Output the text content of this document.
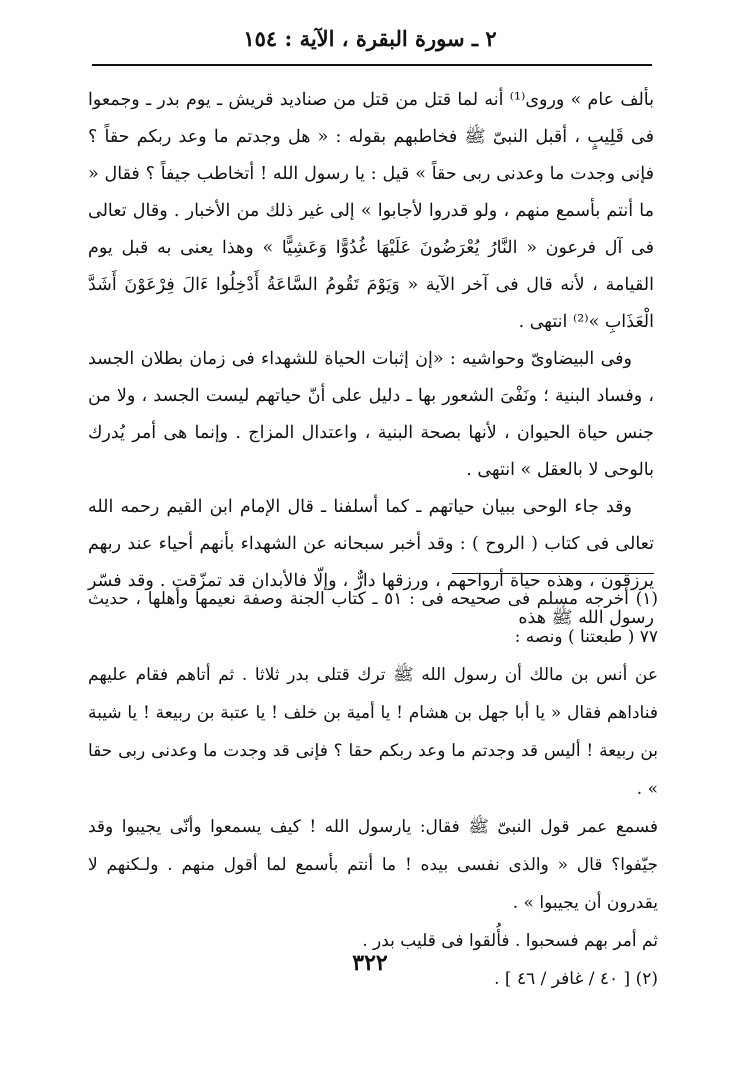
٢ ـ سورة البقرة ، الآية : ١٥٤

بألف عام » وروى⁽¹⁾ أنه لما قتل من قتل من صناديد قريش ـ يوم بدر ـ وجمعوا فى قَلِيبٍ ، أقبل النبىّ ﷺ فخاطبهم بقوله : « هل وجدتم ما وعد ربكم حقاً ؟ فإنى وجدت ما وعدنى ربى حقاً » قيل : يا رسول الله ! أتخاطب جيفاً ؟ فقال « ما أنتم بأسمع منهم ، ولو قدروا لأجابوا » إلى غير ذلك من الأخبار . وقال تعالى فى آل فرعون « النَّارُ يُعْرَضُونَ عَلَيْهَا غُدُوًّا وَعَشِيًّا » وهذا يعنى به قبل يوم القيامة ، لأنه قال فى آخر الآية « وَيَوْمَ تَقُومُ السَّاعَةُ أَدْخِلُوا ءَالَ فِرْعَوْنَ أَشَدَّ الْعَذَابِ »⁽²⁾ انتهى .

وفى البيضاوىّ وحواشيه : «إن إثبات الحياة للشهداء فى زمان بطلان الجسد ، وفساد البنية ؛ ونَفْىَ الشعور بها ـ دليل على أنّ حياتهم ليست الجسد ، ولا من جنس حياة الحيوان ، لأنها بصحة البنية ، واعتدال المزاج . وإنما هى أمر يُدرك بالوحى لا بالعقل » انتهى .

وقد جاء الوحى ببيان حياتهم ـ كما أسلفنا ـ قال الإمام ابن القيم رحمه الله تعالى فى كتاب ( الروح ) : وقد أخبر سبحانه عن الشهداء بأنهم أحياء عند ربهم يرزقون ، وهذه حياة أرواحهم ، ورزقها دارٌّ ، وإلّا فالأبدان قد تمزّقت . وقد فسّر رسول الله ﷺ هذه

(١) أخرجه مسلم فى صحيحه فى : ٥١ ـ كتاب الجنة وصفة نعيمها وأهلها ، حديث ٧٧ ( طبعتنا ) ونصه :

عن أنس بن مالك أن رسول الله ﷺ ترك قتلى بدر ثلاثا . ثم أتاهم فقام عليهم فناداهم فقال « يا أبا جهل بن هشام ! يا أمية بن خلف ! يا عتبة بن ربيعة ! يا شيبة بن ربيعة ! أليس قد وجدتم ما وعد ربكم حقا ؟ فإنى قد وجدت ما وعدنى ربى حقا » .

فسمع عمر قول النبىّ ﷺ فقال: يارسول الله ! كيف يسمعوا وأنّى يجيبوا وقد جيّفوا؟ قال « والذى نفسى بيده ! ما أنتم بأسمع لما أقول منهم . ولـكنهم لا يقدرون أن يجيبوا » .

ثم أمر بهم فسحبوا . فأُلقوا فى قليب بدر .

(٢) [ ٤٠ / غافر / ٤٦ ] .

٣٢٢
